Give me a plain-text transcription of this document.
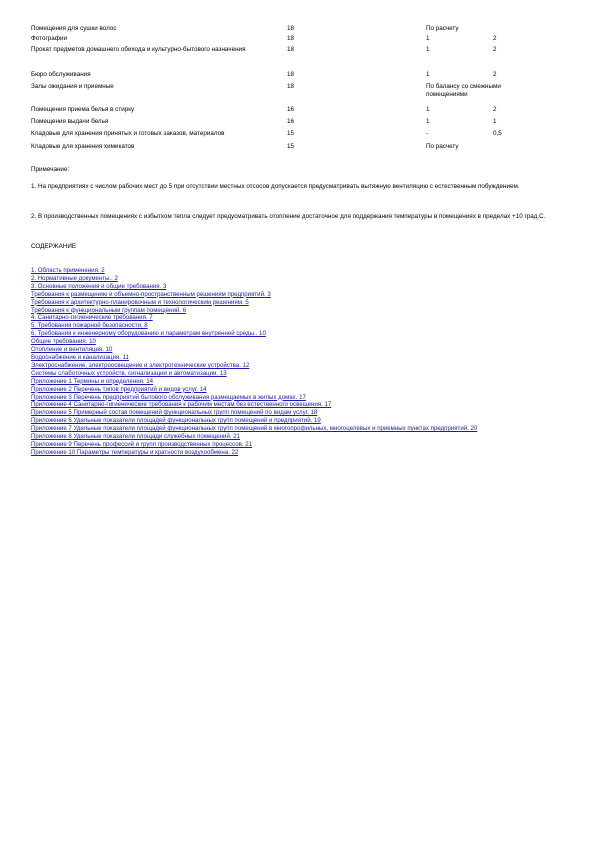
Помещения для сушки волос	18	По расчету
Фотографии	18	1	2
Прокат предметов домашнего обихода и культурно-бытового назначения	18	1	2
Бюро обслуживания	18	1	2
Залы ожидания и приемные	18	По балансу со смежными помещениями
Помещения приема белья в стирку	16	1	2
Помещения выдачи белья	16	1	1
Кладовые для хранения принятых и готовых заказов, материалов	15	-	0,5
Кладовые для хранения химикатов	15	По расчету
Примечание:
1. На предприятиях с числом рабочих мест до 5 при отсутствии местных отсосов допускается предусматривать вытяжную вентиляцию с естественным побуждением.
2. В производственных помещениях с избытком тепла следует предусматривать отопление достаточное для поддержания температуры в помещениях в пределах +10 град.С.
СОДЕРЖАНИЕ
1. Область применения. 2
2. Нормативные документы.. 2
3. Основные положения и общие требования. 3
Требования к размещению и объемно-пространственным решениям предприятий. 3
Требования к архитектурно-планировочным и технологическим решениям. 5
Требования к функциональным группам помещений. 6
4. Санитарно-гигиенические требования. 7
5. Требования пожарной безопасности. 8
6. Требования к инженерному оборудованию и параметрам внутренней среды.. 10
Общие требования. 10
Отопление и вентиляция. 10
Водоснабжение и канализация. 11
Электроснабжение, электроосвещение и электротехнические устройства. 12
Системы слаботочных устройств, сигнализации и автоматизации. 13
Приложение 1 Термины и определения. 14
Приложение 2 Перечень типов предприятий и видов услуг. 14
Приложение 3 Перечень предприятий бытового обслуживания размещаемых в жилых домах. 17
Приложение 4 Санитарно-гигиенические требования к рабочим местам без естественного освещения. 17
Приложение 5 Примерный состав помещений функциональных групп помещений по видам услуг. 18
Приложение 6 Удельные показатели площадей функциональных групп помещений и предприятий. 19
Приложение 7 Удельные показатели площадей функциональных групп помещений в многопрофильных, многоцелевых и приемных пунктах предприятий. 20
Приложение 8 Удельные показатели площади служебных помещений. 21
Приложение 9 Перечень профессий и групп производственных процессов. 21
Приложение 10 Параметры температуры и кратности воздухообмена. 22
